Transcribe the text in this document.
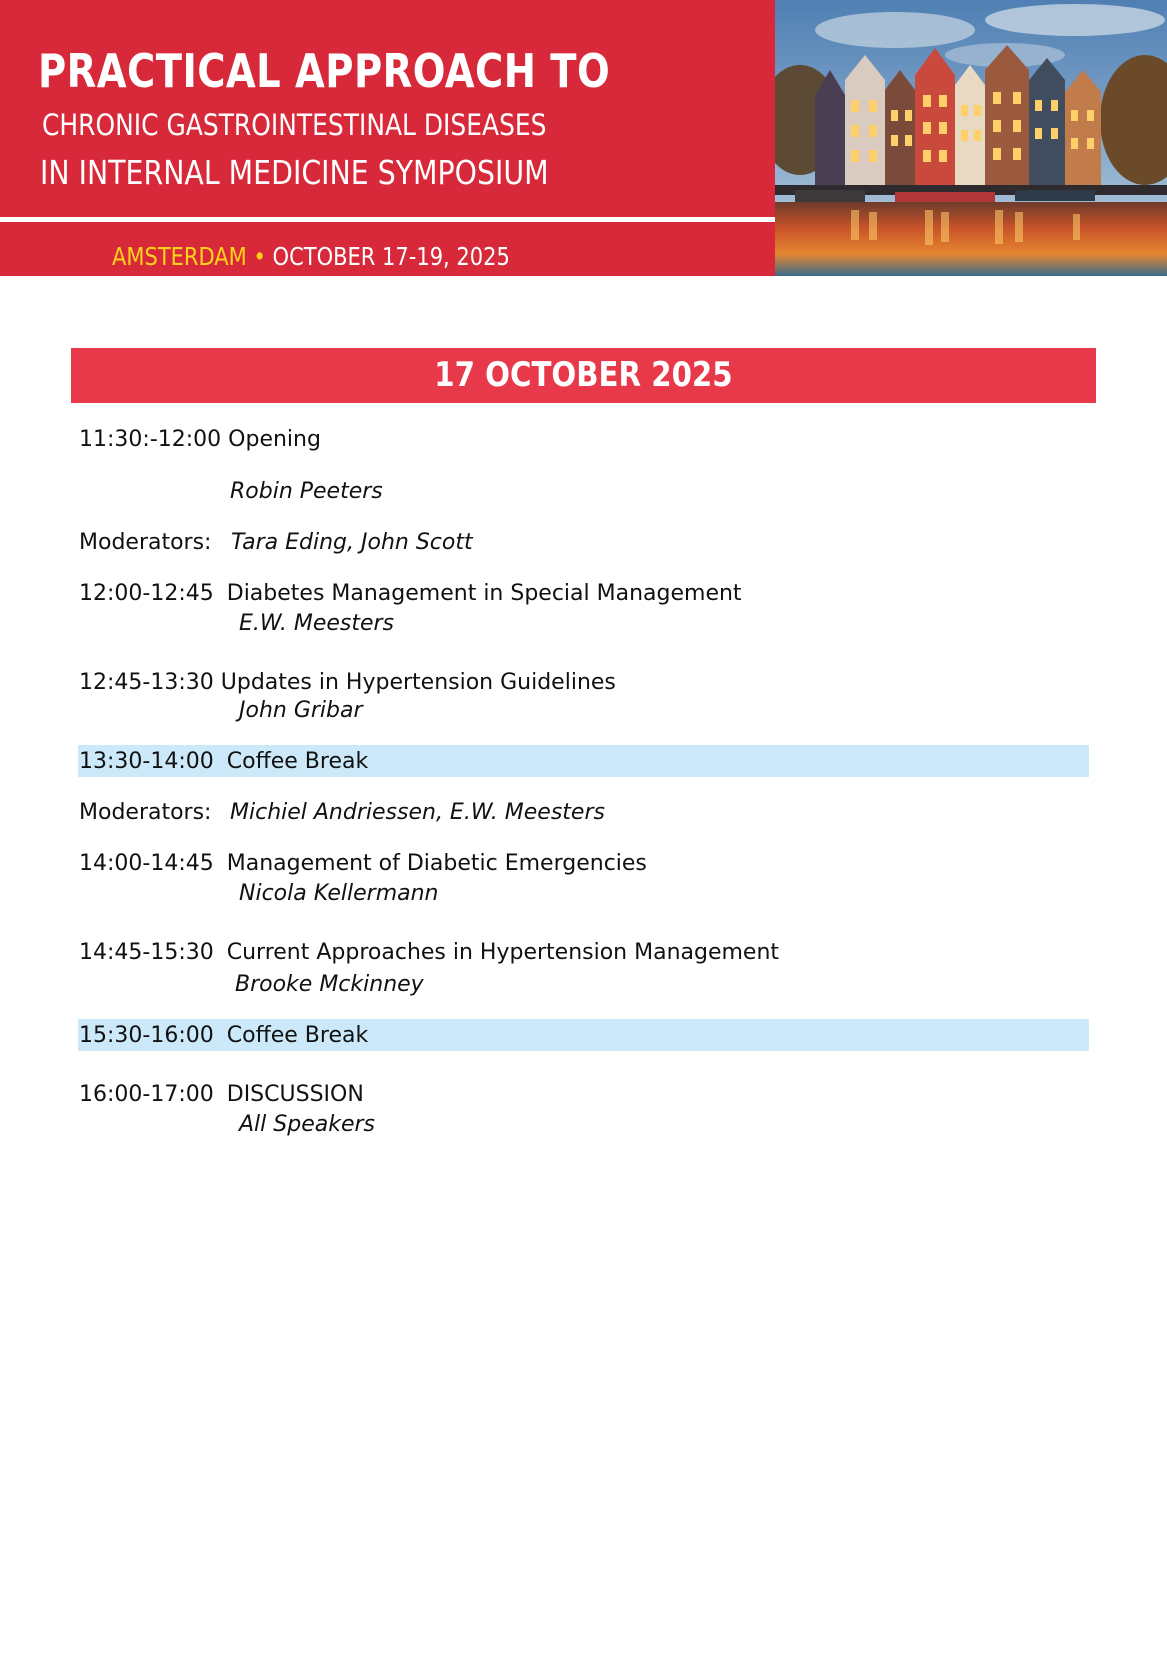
PRACTICAL APPROACH TO
CHRONIC GASTROINTESTINAL DISEASES
IN INTERNAL MEDICINE SYMPOSIUM
AMSTERDAM • OCTOBER 17-19, 2025
17 OCTOBER 2025
11:30:-12:00 Opening
Robin Peeters
Moderators: Tara Eding, John Scott
12:00-12:45 Diabetes Management in Special Management
E.W. Meesters
12:45-13:30 Updates in Hypertension Guidelines
John Gribar
13:30-14:00 Coffee Break
Moderators: Michiel Andriessen, E.W. Meesters
14:00-14:45 Management of Diabetic Emergencies
Nicola Kellermann
14:45-15:30 Current Approaches in Hypertension Management
Brooke Mckinney
15:30-16:00 Coffee Break
16:00-17:00 DISCUSSION
All Speakers
